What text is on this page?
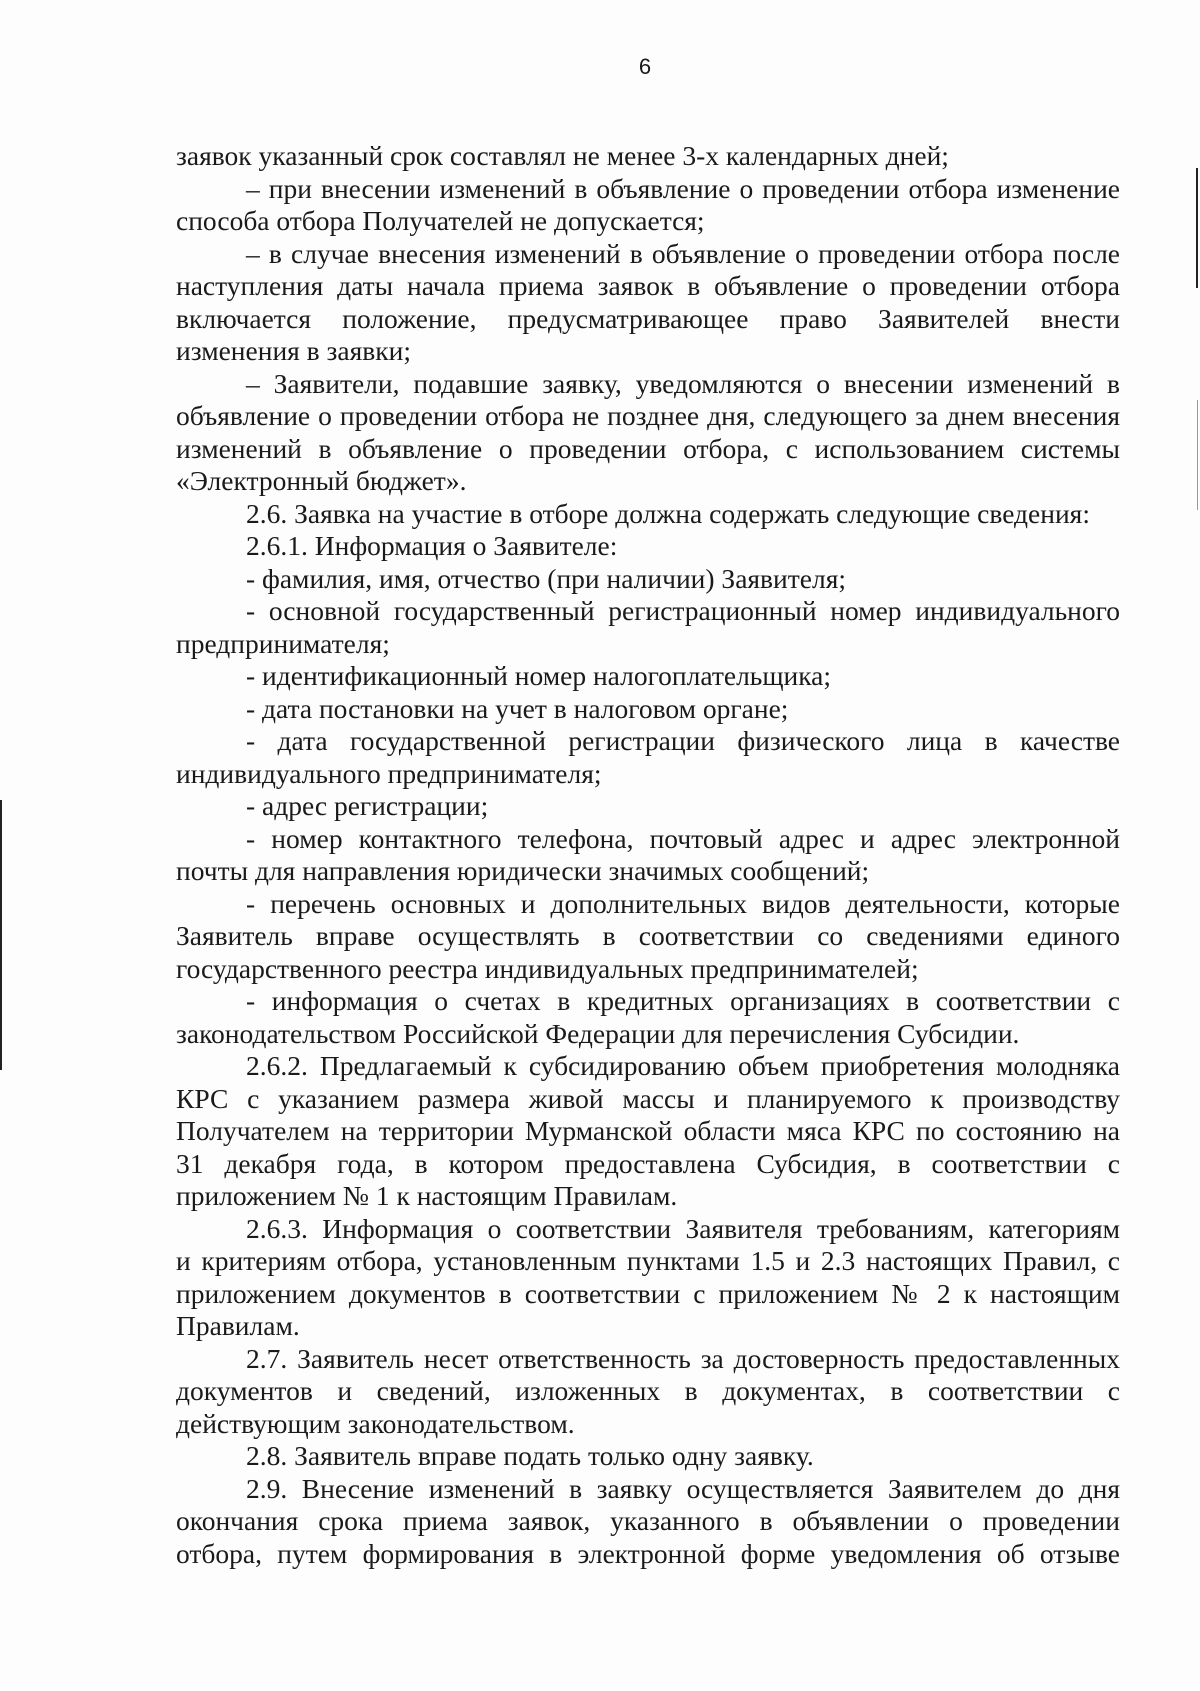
6
заявок указанный срок составлял не менее 3-х календарных дней;
– при внесении изменений в объявление о проведении отбора изменение
способа отбора Получателей не допускается;
– в случае внесения изменений в объявление о проведении отбора после
наступления даты начала приема заявок в объявление о проведении отбора
включается положение, предусматривающее право Заявителей внести
изменения в заявки;
– Заявители, подавшие заявку, уведомляются о внесении изменений в
объявление о проведении отбора не позднее дня, следующего за днем внесения
изменений в объявление о проведении отбора, с использованием системы
«Электронный бюджет».
2.6. Заявка на участие в отборе должна содержать следующие сведения:
2.6.1. Информация о Заявителе:
- фамилия, имя, отчество (при наличии) Заявителя;
- основной государственный регистрационный номер индивидуального
предпринимателя;
- идентификационный номер налогоплательщика;
- дата постановки на учет в налоговом органе;
- дата государственной регистрации физического лица в качестве
индивидуального предпринимателя;
- адрес регистрации;
- номер контактного телефона, почтовый адрес и адрес электронной
почты для направления юридически значимых сообщений;
- перечень основных и дополнительных видов деятельности, которые
Заявитель вправе осуществлять в соответствии со сведениями единого
государственного реестра индивидуальных предпринимателей;
- информация о счетах в кредитных организациях в соответствии с
законодательством Российской Федерации для перечисления Субсидии.
2.6.2. Предлагаемый к субсидированию объем приобретения молодняка
КРС с указанием размера живой массы и планируемого к производству
Получателем на территории Мурманской области мяса КРС по состоянию на
31 декабря года, в котором предоставлена Субсидия, в соответствии с
приложением № 1 к настоящим Правилам.
2.6.3. Информация о соответствии Заявителя требованиям, категориям
и критериям отбора, установленным пунктами 1.5 и 2.3 настоящих Правил, с
приложением документов в соответствии с приложением № 2 к настоящим
Правилам.
2.7. Заявитель несет ответственность за достоверность предоставленных
документов и сведений, изложенных в документах, в соответствии с
действующим законодательством.
2.8. Заявитель вправе подать только одну заявку.
2.9. Внесение изменений в заявку осуществляется Заявителем до дня
окончания срока приема заявок, указанного в объявлении о проведении
отбора, путем формирования в электронной форме уведомления об отзыве
